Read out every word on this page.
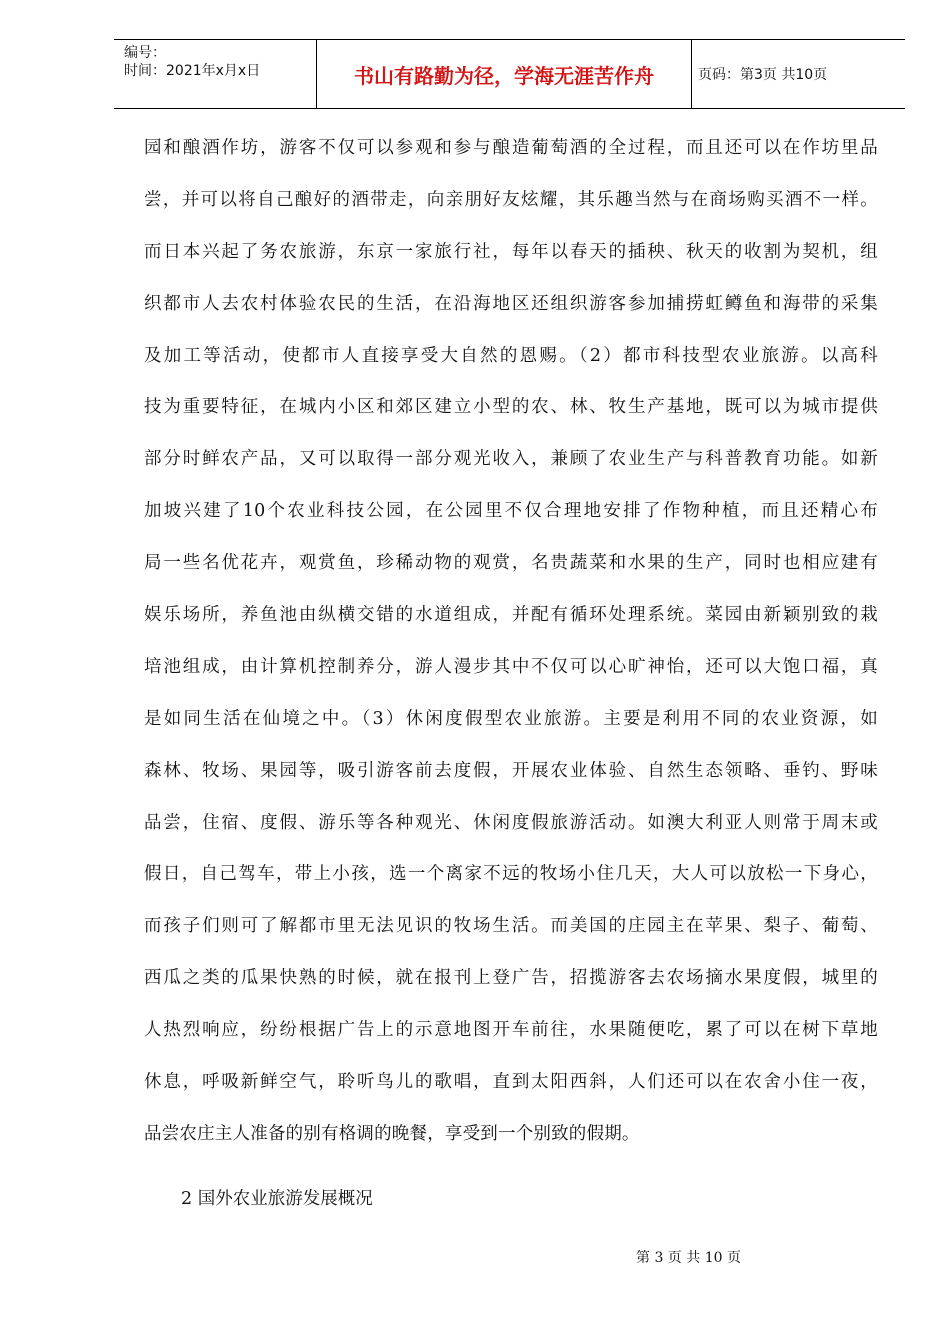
编号：
时间：2021年x月x日	书山有路勤为径，学海无涯苦作舟	页码：第3页 共10页
园和酿酒作坊，游客不仅可以参观和参与酿造葡萄酒的全过程，而且还可以在作坊里品
尝，并可以将自己酿好的酒带走，向亲朋好友炫耀，其乐趣当然与在商场购买酒不一样。
而日本兴起了务农旅游，东京一家旅行社，每年以春天的插秧、秋天的收割为契机，组
织都市人去农村体验农民的生活，在沿海地区还组织游客参加捕捞虹鳟鱼和海带的采集
及加工等活动，使都市人直接享受大自然的恩赐。（2）都市科技型农业旅游。以高科
技为重要特征，在城内小区和郊区建立小型的农、林、牧生产基地，既可以为城市提供
部分时鲜农产品，又可以取得一部分观光收入，兼顾了农业生产与科普教育功能。如新
加坡兴建了10个农业科技公园，在公园里不仅合理地安排了作物种植，而且还精心布
局一些名优花卉，观赏鱼，珍稀动物的观赏，名贵蔬菜和水果的生产，同时也相应建有
娱乐场所，养鱼池由纵横交错的水道组成，并配有循环处理系统。菜园由新颖别致的栽
培池组成，由计算机控制养分，游人漫步其中不仅可以心旷神怡，还可以大饱口福，真
是如同生活在仙境之中。（3）休闲度假型农业旅游。主要是利用不同的农业资源，如
森林、牧场、果园等，吸引游客前去度假，开展农业体验、自然生态领略、垂钓、野味
品尝，住宿、度假、游乐等各种观光、休闲度假旅游活动。如澳大利亚人则常于周末或
假日，自己驾车，带上小孩，选一个离家不远的牧场小住几天，大人可以放松一下身心，
而孩子们则可了解都市里无法见识的牧场生活。而美国的庄园主在苹果、梨子、葡萄、
西瓜之类的瓜果快熟的时候，就在报刊上登广告，招揽游客去农场摘水果度假，城里的
人热烈响应，纷纷根据广告上的示意地图开车前往，水果随便吃，累了可以在树下草地
休息，呼吸新鲜空气，聆听鸟儿的歌唱，直到太阳西斜，人们还可以在农舍小住一夜，
品尝农庄主人准备的别有格调的晚餐，享受到一个别致的假期。
2 国外农业旅游发展概况
第 3 页 共 10 页
